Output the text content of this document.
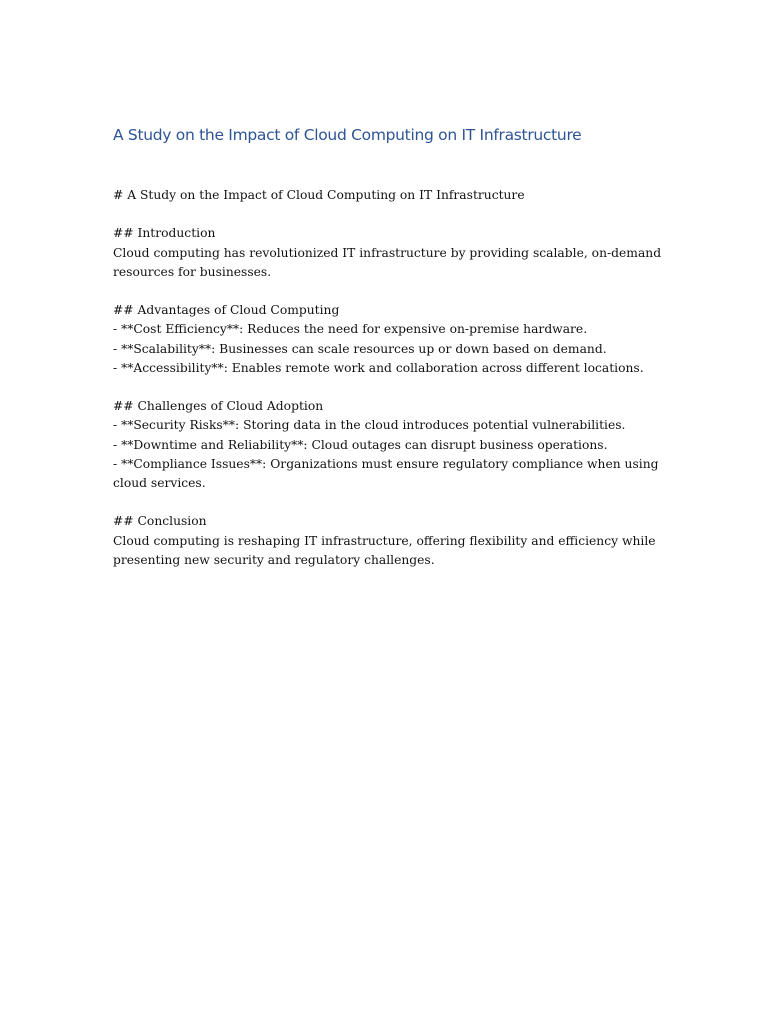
A Study on the Impact of Cloud Computing on IT Infrastructure

# A Study on the Impact of Cloud Computing on IT Infrastructure

## Introduction

Cloud computing has revolutionized IT infrastructure by providing scalable, on-demand

resources for businesses.

## Advantages of Cloud Computing

- **Cost Efficiency**: Reduces the need for expensive on-premise hardware.

- **Scalability**: Businesses can scale resources up or down based on demand.

- **Accessibility**: Enables remote work and collaboration across different locations.

## Challenges of Cloud Adoption

- **Security Risks**: Storing data in the cloud introduces potential vulnerabilities.

- **Downtime and Reliability**: Cloud outages can disrupt business operations.

- **Compliance Issues**: Organizations must ensure regulatory compliance when using

cloud services.

## Conclusion

Cloud computing is reshaping IT infrastructure, offering flexibility and efficiency while

presenting new security and regulatory challenges.
